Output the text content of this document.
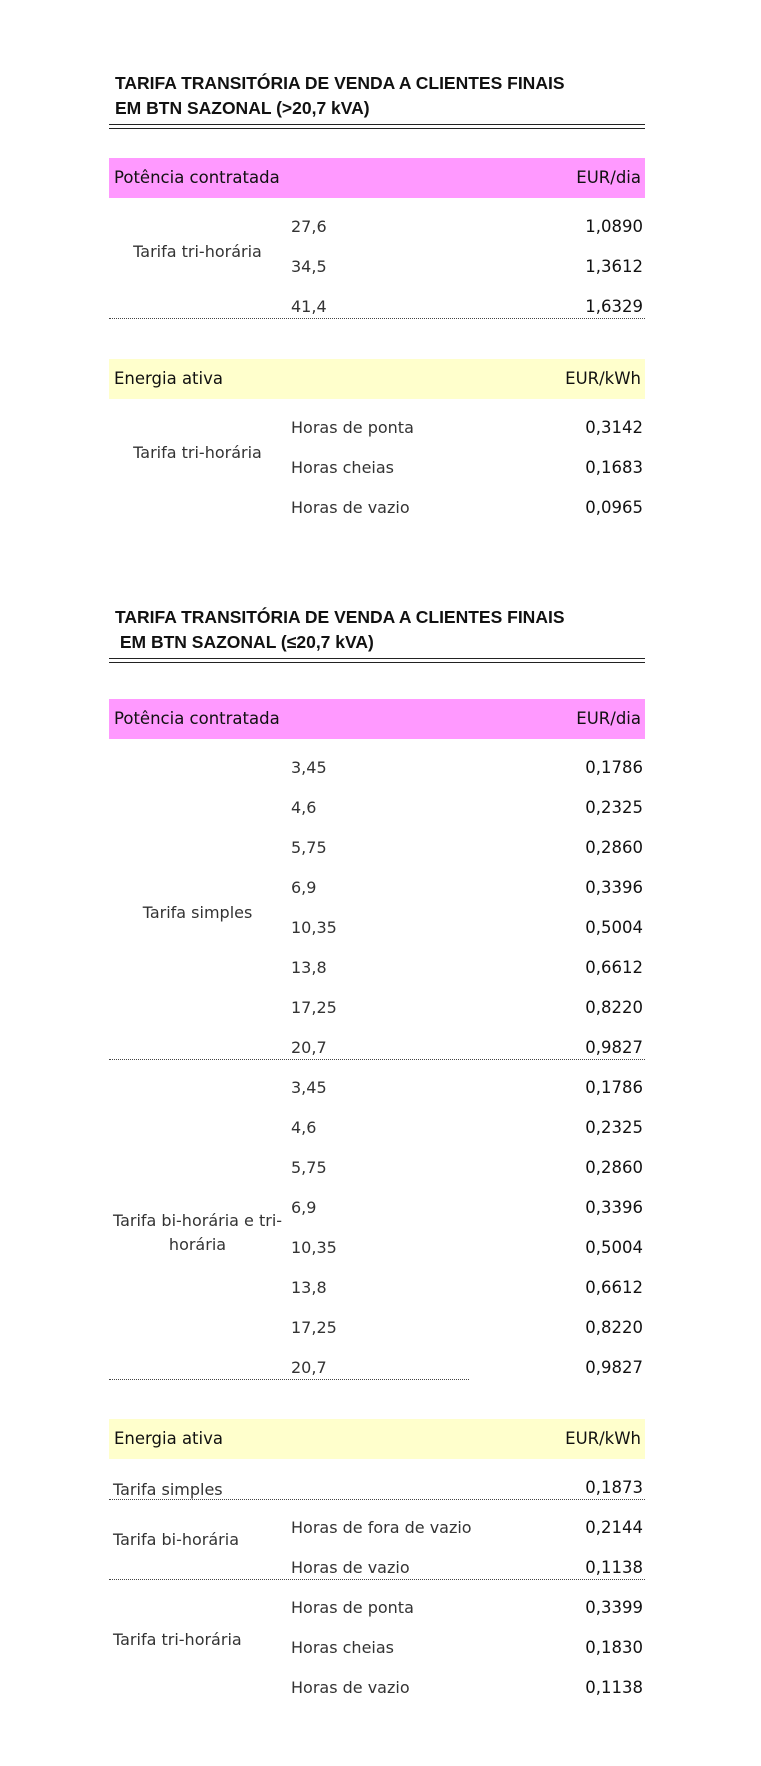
TARIFA TRANSITÓRIA DE VENDA A CLIENTES FINAIS
EM BTN SAZONAL (>20,7 kVA)
Potência contratada	EUR/dia
Tarifa tri-horária
27,6	1,0890
34,5	1,3612
41,4	1,6329
Energia ativa	EUR/kWh
Tarifa tri-horária
Horas de ponta	0,3142
Horas cheias	0,1683
Horas de vazio	0,0965
TARIFA TRANSITÓRIA DE VENDA A CLIENTES FINAIS
EM BTN SAZONAL (≤20,7 kVA)
Potência contratada	EUR/dia
Tarifa simples
3,45	0,1786
4,6	0,2325
5,75	0,2860
6,9	0,3396
10,35	0,5004
13,8	0,6612
17,25	0,8220
20,7	0,9827
Tarifa bi-horária e tri-horária
3,45	0,1786
4,6	0,2325
5,75	0,2860
6,9	0,3396
10,35	0,5004
13,8	0,6612
17,25	0,8220
20,7	0,9827
Energia ativa	EUR/kWh
Tarifa simples	0,1873
Tarifa bi-horária
Horas de fora de vazio	0,2144
Horas de vazio	0,1138
Tarifa tri-horária
Horas de ponta	0,3399
Horas cheias	0,1830
Horas de vazio	0,1138
